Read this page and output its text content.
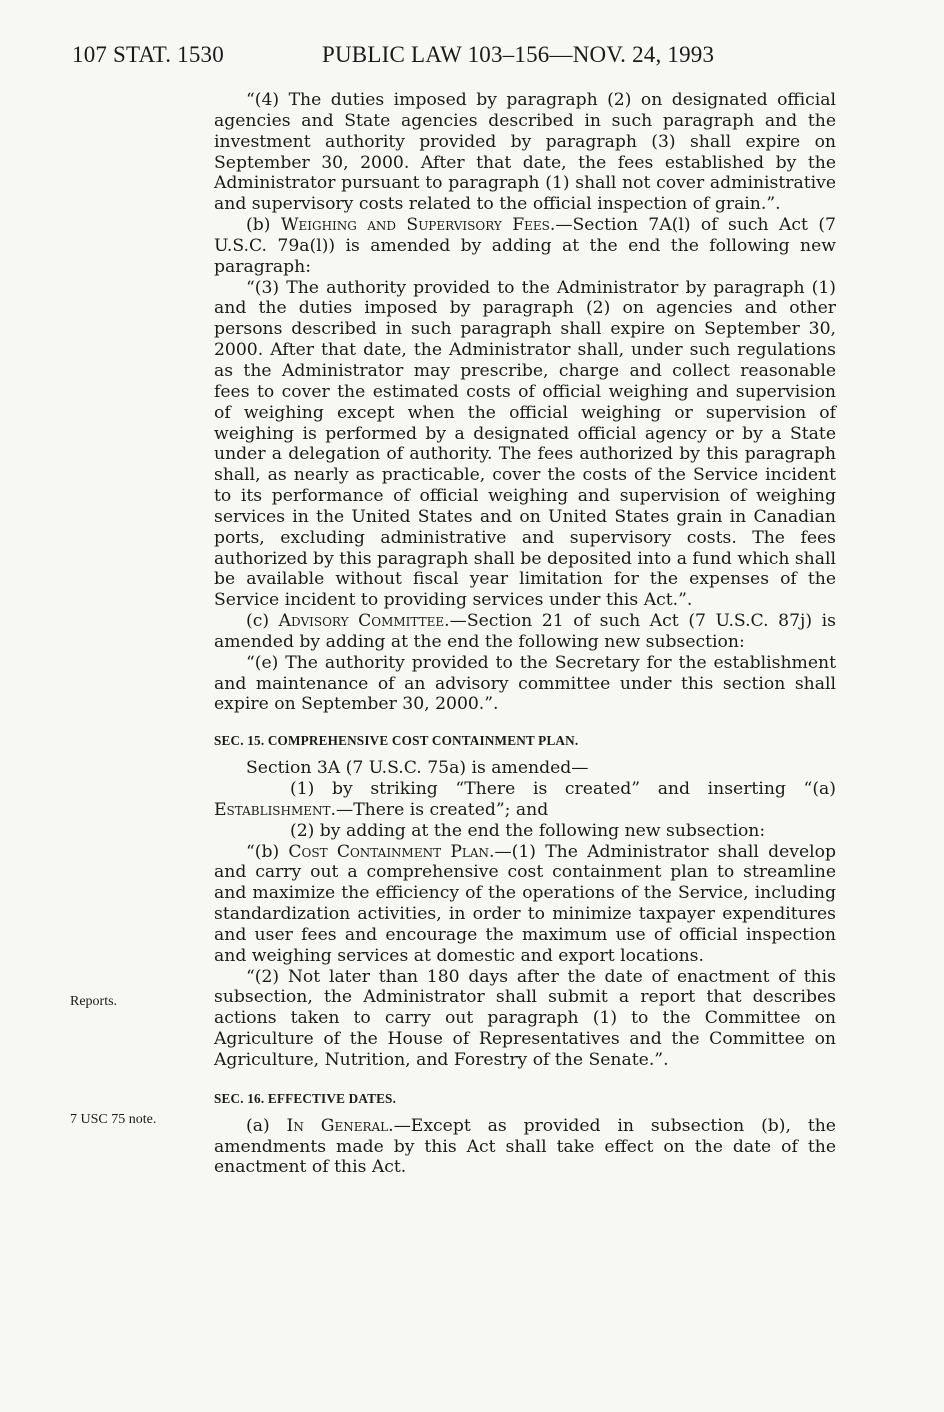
107 STAT. 1530	PUBLIC LAW 103–156—NOV. 24, 1993
Reports.
7 USC 75 note.

“(4) The duties imposed by paragraph (2) on designated official agencies and State agencies described in such paragraph and the investment authority provided by paragraph (3) shall expire on September 30, 2000. After that date, the fees established by the Administrator pursuant to paragraph (1) shall not cover administrative and supervisory costs related to the official inspection of grain.”.

(b) Weighing and Supervisory Fees.—Section 7A(l) of such Act (7 U.S.C. 79a(l)) is amended by adding at the end the following new paragraph:

“(3) The authority provided to the Administrator by paragraph (1) and the duties imposed by paragraph (2) on agencies and other persons described in such paragraph shall expire on September 30, 2000. After that date, the Administrator shall, under such regulations as the Administrator may prescribe, charge and collect reasonable fees to cover the estimated costs of official weighing and supervision of weighing except when the official weighing or supervision of weighing is performed by a designated official agency or by a State under a delegation of authority. The fees authorized by this paragraph shall, as nearly as practicable, cover the costs of the Service incident to its performance of official weighing and supervision of weighing services in the United States and on United States grain in Canadian ports, excluding administrative and supervisory costs. The fees authorized by this paragraph shall be deposited into a fund which shall be available without fiscal year limitation for the expenses of the Service incident to providing services under this Act.”.

(c) Advisory Committee.—Section 21 of such Act (7 U.S.C. 87j) is amended by adding at the end the following new subsection:

“(e) The authority provided to the Secretary for the establishment and maintenance of an advisory committee under this section shall expire on September 30, 2000.”.

SEC. 15. COMPREHENSIVE COST CONTAINMENT PLAN.

Section 3A (7 U.S.C. 75a) is amended—

(1) by striking “There is created” and inserting “(a) Establishment.—There is created”; and

(2) by adding at the end the following new subsection:

“(b) Cost Containment Plan.—(1) The Administrator shall develop and carry out a comprehensive cost containment plan to streamline and maximize the efficiency of the operations of the Service, including standardization activities, in order to minimize taxpayer expenditures and user fees and encourage the maximum use of official inspection and weighing services at domestic and export locations.

“(2) Not later than 180 days after the date of enactment of this subsection, the Administrator shall submit a report that describes actions taken to carry out paragraph (1) to the Committee on Agriculture of the House of Representatives and the Committee on Agriculture, Nutrition, and Forestry of the Senate.”.

SEC. 16. EFFECTIVE DATES.

(a) In General.—Except as provided in subsection (b), the amendments made by this Act shall take effect on the date of the enactment of this Act.
